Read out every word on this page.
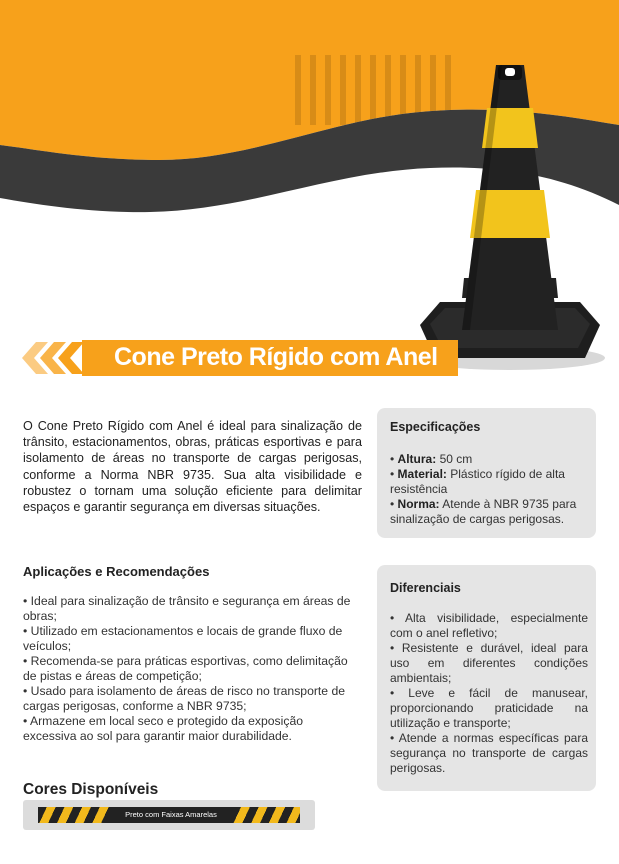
Cone Preto Rígido com Anel
O Cone Preto Rígido com Anel é ideal para sinalização de trânsito, estacionamentos, obras, práticas esportivas e para isolamento de áreas no transporte de cargas perigosas, conforme a Norma NBR 9735. Sua alta visibilidade e robustez o tornam uma solução eficiente para delimitar espaços e garantir segurança em diversas situações.
Especificações

• Altura: 50 cm

• Material: Plástico rígido de alta resistência

• Norma: Atende à NBR 9735 para sinalização de cargas perigosas.

Aplicações e Recomendações

• Ideal para sinalização de trânsito e segurança em áreas de obras;

• Utilizado em estacionamentos e locais de grande fluxo de veículos;

• Recomenda-se para práticas esportivas, como delimitação de pistas e áreas de competição;

• Usado para isolamento de áreas de risco no transporte de cargas perigosas, conforme a NBR 9735;

• Armazene em local seco e protegido da exposição excessiva ao sol para garantir maior durabilidade.

Diferenciais

• Alta visibilidade, especialmente com o anel refletivo;

• Resistente e durável, ideal para uso em diferentes condições ambientais;

• Leve e fácil de manusear, proporcionando praticidade na utilização e transporte;

• Atende a normas específicas para segurança no transporte de cargas perigosas.

Cores Disponíveis
Preto com Faixas Amarelas
